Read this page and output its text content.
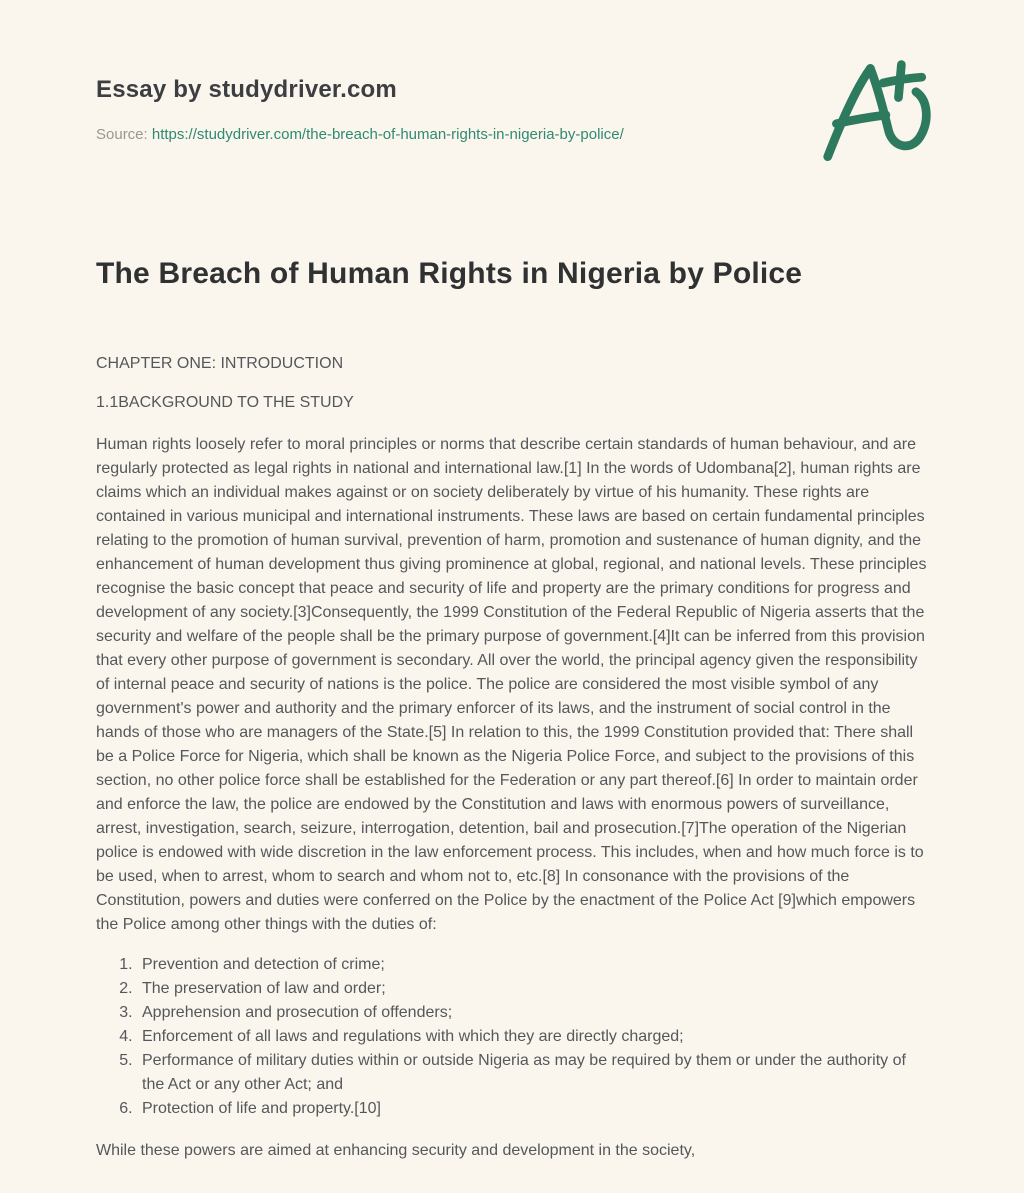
Essay by studydriver.com

Source: https://studydriver.com/the-breach-of-human-rights-in-nigeria-by-police/

The Breach of Human Rights in Nigeria by Police

CHAPTER ONE: INTRODUCTION

1.1BACKGROUND TO THE STUDY

Human rights loosely refer to moral principles or norms that describe certain standards of human behaviour, and are regularly protected as legal rights in national and international law.[1] In the words of Udombana[2], human rights are claims which an individual makes against or on society deliberately by virtue of his humanity. These rights are contained in various municipal and international instruments. These laws are based on certain fundamental principles relating to the promotion of human survival, prevention of harm, promotion and sustenance of human dignity, and the enhancement of human development thus giving prominence at global, regional, and national levels. These principles recognise the basic concept that peace and security of life and property are the primary conditions for progress and development of any society.[3]Consequently, the 1999 Constitution of the Federal Republic of Nigeria asserts that the security and welfare of the people shall be the primary purpose of government.[4]It can be inferred from this provision that every other purpose of government is secondary. All over the world, the principal agency given the responsibility of internal peace and security of nations is the police. The police are considered the most visible symbol of any government's power and authority and the primary enforcer of its laws, and the instrument of social control in the hands of those who are managers of the State.[5] In relation to this, the 1999 Constitution provided that: There shall be a Police Force for Nigeria, which shall be known as the Nigeria Police Force, and subject to the provisions of this section, no other police force shall be established for the Federation or any part thereof.[6] In order to maintain order and enforce the law, the police are endowed by the Constitution and laws with enormous powers of surveillance, arrest, investigation, search, seizure, interrogation, detention, bail and prosecution.[7]The operation of the Nigerian police is endowed with wide discretion in the law enforcement process. This includes, when and how much force is to be used, when to arrest, whom to search and whom not to, etc.[8] In consonance with the provisions of the Constitution, powers and duties were conferred on the Police by the enactment of the Police Act [9]which empowers the Police among other things with the duties of:

1. Prevention and detection of crime;
2. The preservation of law and order;
3. Apprehension and prosecution of offenders;
4. Enforcement of all laws and regulations with which they are directly charged;
5. Performance of military duties within or outside Nigeria as may be required by them or under the authority of the Act or any other Act; and
6. Protection of life and property.[10]

While these powers are aimed at enhancing security and development in the society,
